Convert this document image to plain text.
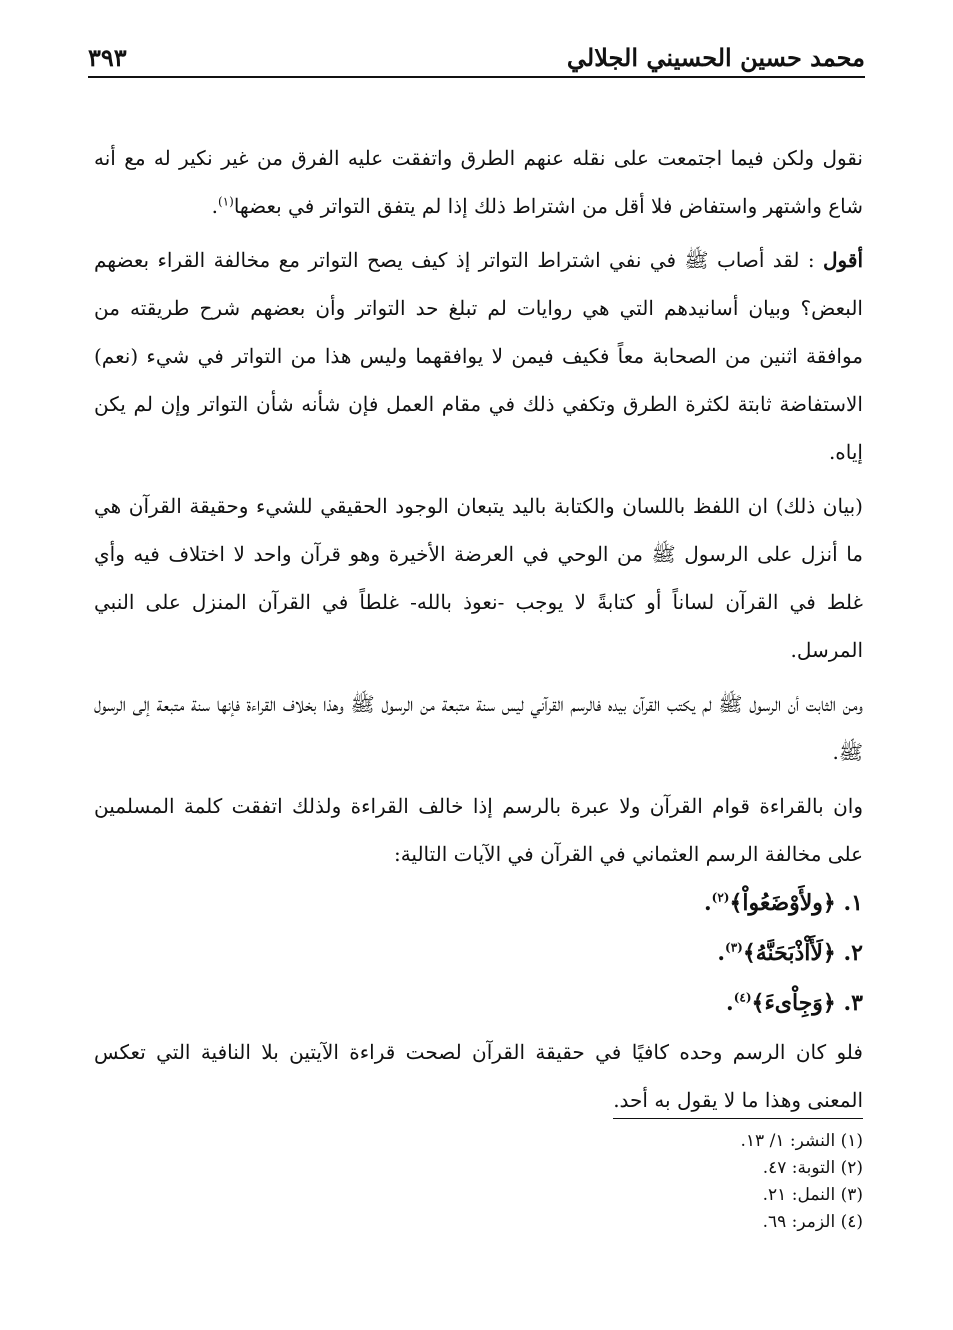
محمد حسين الحسيني الجلالي
٣٩٣

نقول ولكن فيما اجتمعت على نقله عنهم الطرق واتفقت عليه الفرق من غير نكير له مع أنه شاع واشتهر واستفاض فلا أقل من اشتراط ذلك إذا لم يتفق التواتر في بعضها$^{(١)}$.

أقول : لقد أصاب ﷺ في نفي اشتراط التواتر إذ كيف يصح التواتر مع مخالفة القراء بعضهم البعض؟ وبيان أسانيدهم التي هي روايات لم تبلغ حد التواتر وأن بعضهم شرح طريقته من موافقة اثنين من الصحابة معاً فكيف فيمن لا يوافقهما وليس هذا من التواتر في شيء (نعم) الاستفاضة ثابتة لكثرة الطرق وتكفي ذلك في مقام العمل فإن شأنه شأن التواتر وإن لم يكن إياه.

(بيان ذلك) ان اللفظ باللسان والكتابة باليد يتبعان الوجود الحقيقي للشيء وحقيقة القرآن هي ما أنزل على الرسول ﷺ من الوحي في العرضة الأخيرة وهو قرآن واحد لا اختلاف فيه وأي غلط في القرآن لساناً أو كتابةً لا يوجب -نعوذ بالله- غلطاً في القرآن المنزل على النبي المرسل.

ومن الثابت أن الرسول ﷺ لم يكتب القرآن بيده فالرسم القرآني ليس سنة متبعة من الرسول ﷺ وهذا بخلاف القراءة فإنها سنة متبعة إلى الرسول ﷺ.

وان بالقراءة قوام القرآن ولا عبرة بالرسم إذا خالف القراءة ولذلك اتفقت كلمة المسلمين على مخالفة الرسم العثماني في القرآن في الآيات التالية:

١. ﴿ولأَوْضَعُواْ﴾$^{(٢)}$.
٢. ﴿لَأَاْذْبَحَنَّهُ﴾$^{(٣)}$.
٣. ﴿وَجِاْىءَ﴾$^{(٤)}$.

فلو كان الرسم وحده كافيًا في حقيقة القرآن لصحت قراءة الآيتين بلا النافية التي تعكس المعنى وهذا ما لا يقول به أحد.

(١) النشر: ١/ ١٣.

(٢) التوبة: ٤٧.

(٣) النمل: ٢١.

(٤) الزمر: ٦٩.
